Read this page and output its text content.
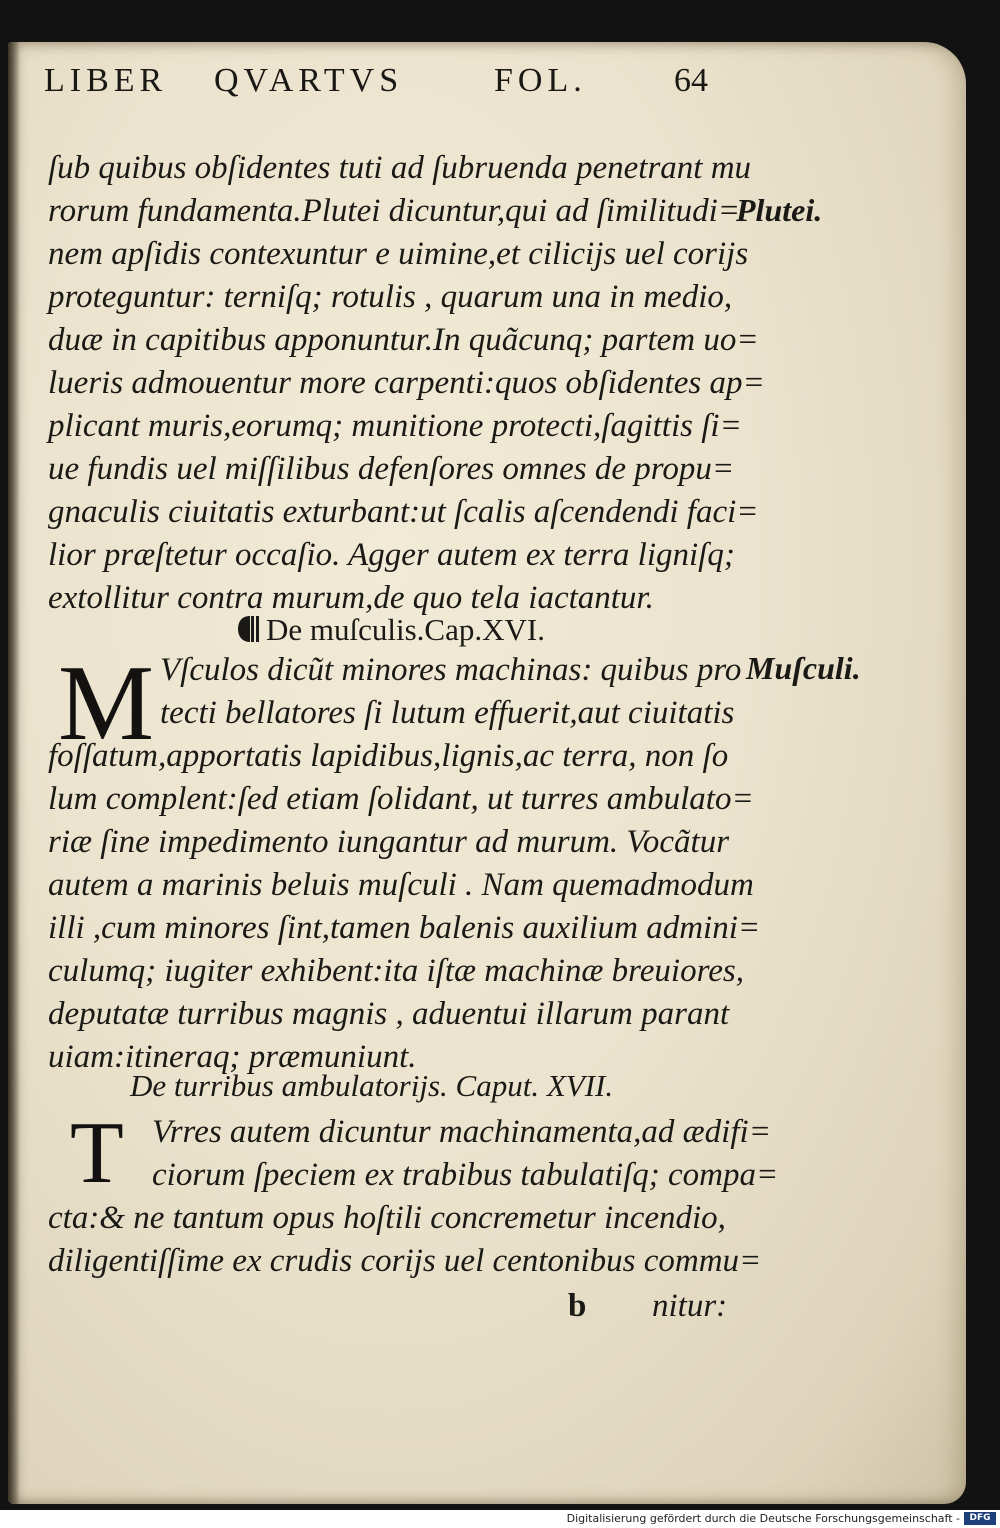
LIBER QVARTVS	FOL.	64
ſub quibus obſidentes tuti ad ſubruenda penetrant mu
rorum fundamenta.Plutei dicuntur,qui ad ſimilitudi=
nem apſidis contexuntur e uimine,et cilicijs uel corijs
proteguntur: terniſq; rotulis , quarum una in medio,
duæ in capitibus apponuntur.In quãcunq; partem uo=
lueris admouentur more carpenti:quos obſidentes ap=
plicant muris,eorumq; munitione protecti,ſagittis ſi=
ue fundis uel miſſilibus defenſores omnes de propu=
gnaculis ciuitatis exturbant:ut ſcalis aſcendendi faci=
lior præſtetur occaſio. Agger autem ex terra ligniſq;
extollitur contra murum,de quo tela iactantur.
Plutei.
De muſculis.Cap.XVI.
M Vſculos dicũt minores machinas: quibus pro
tecti bellatores ſi lutum effuerit,aut ciuitatis
foſſatum,apportatis lapidibus,lignis,ac terra, non ſo
lum complent:ſed etiam ſolidant, ut turres ambulato=
riæ ſine impedimento iungantur ad murum. Vocãtur
autem a marinis beluis muſculi . Nam quemadmodum
illi ,cum minores ſint,tamen balenis auxilium admini=
culumq; iugiter exhibent:ita iſtæ machinæ breuiores,
deputatæ turribus magnis , aduentui illarum parant
uiam:itineraq; præmuniunt.
Muſculi.
De turribus ambulatorijs. Caput. XVII.
T Vrres autem dicuntur machinamenta,ad ædifi=
ciorum ſpeciem ex trabibus tabulatiſq; compa=
cta:& ne tantum opus hoſtili concremetur incendio,
diligentiſſime ex crudis corijs uel centonibus commu=
b nitur:
Digitalisierung gefördert durch die Deutsche Forschungsgemeinschaft -	DFG
